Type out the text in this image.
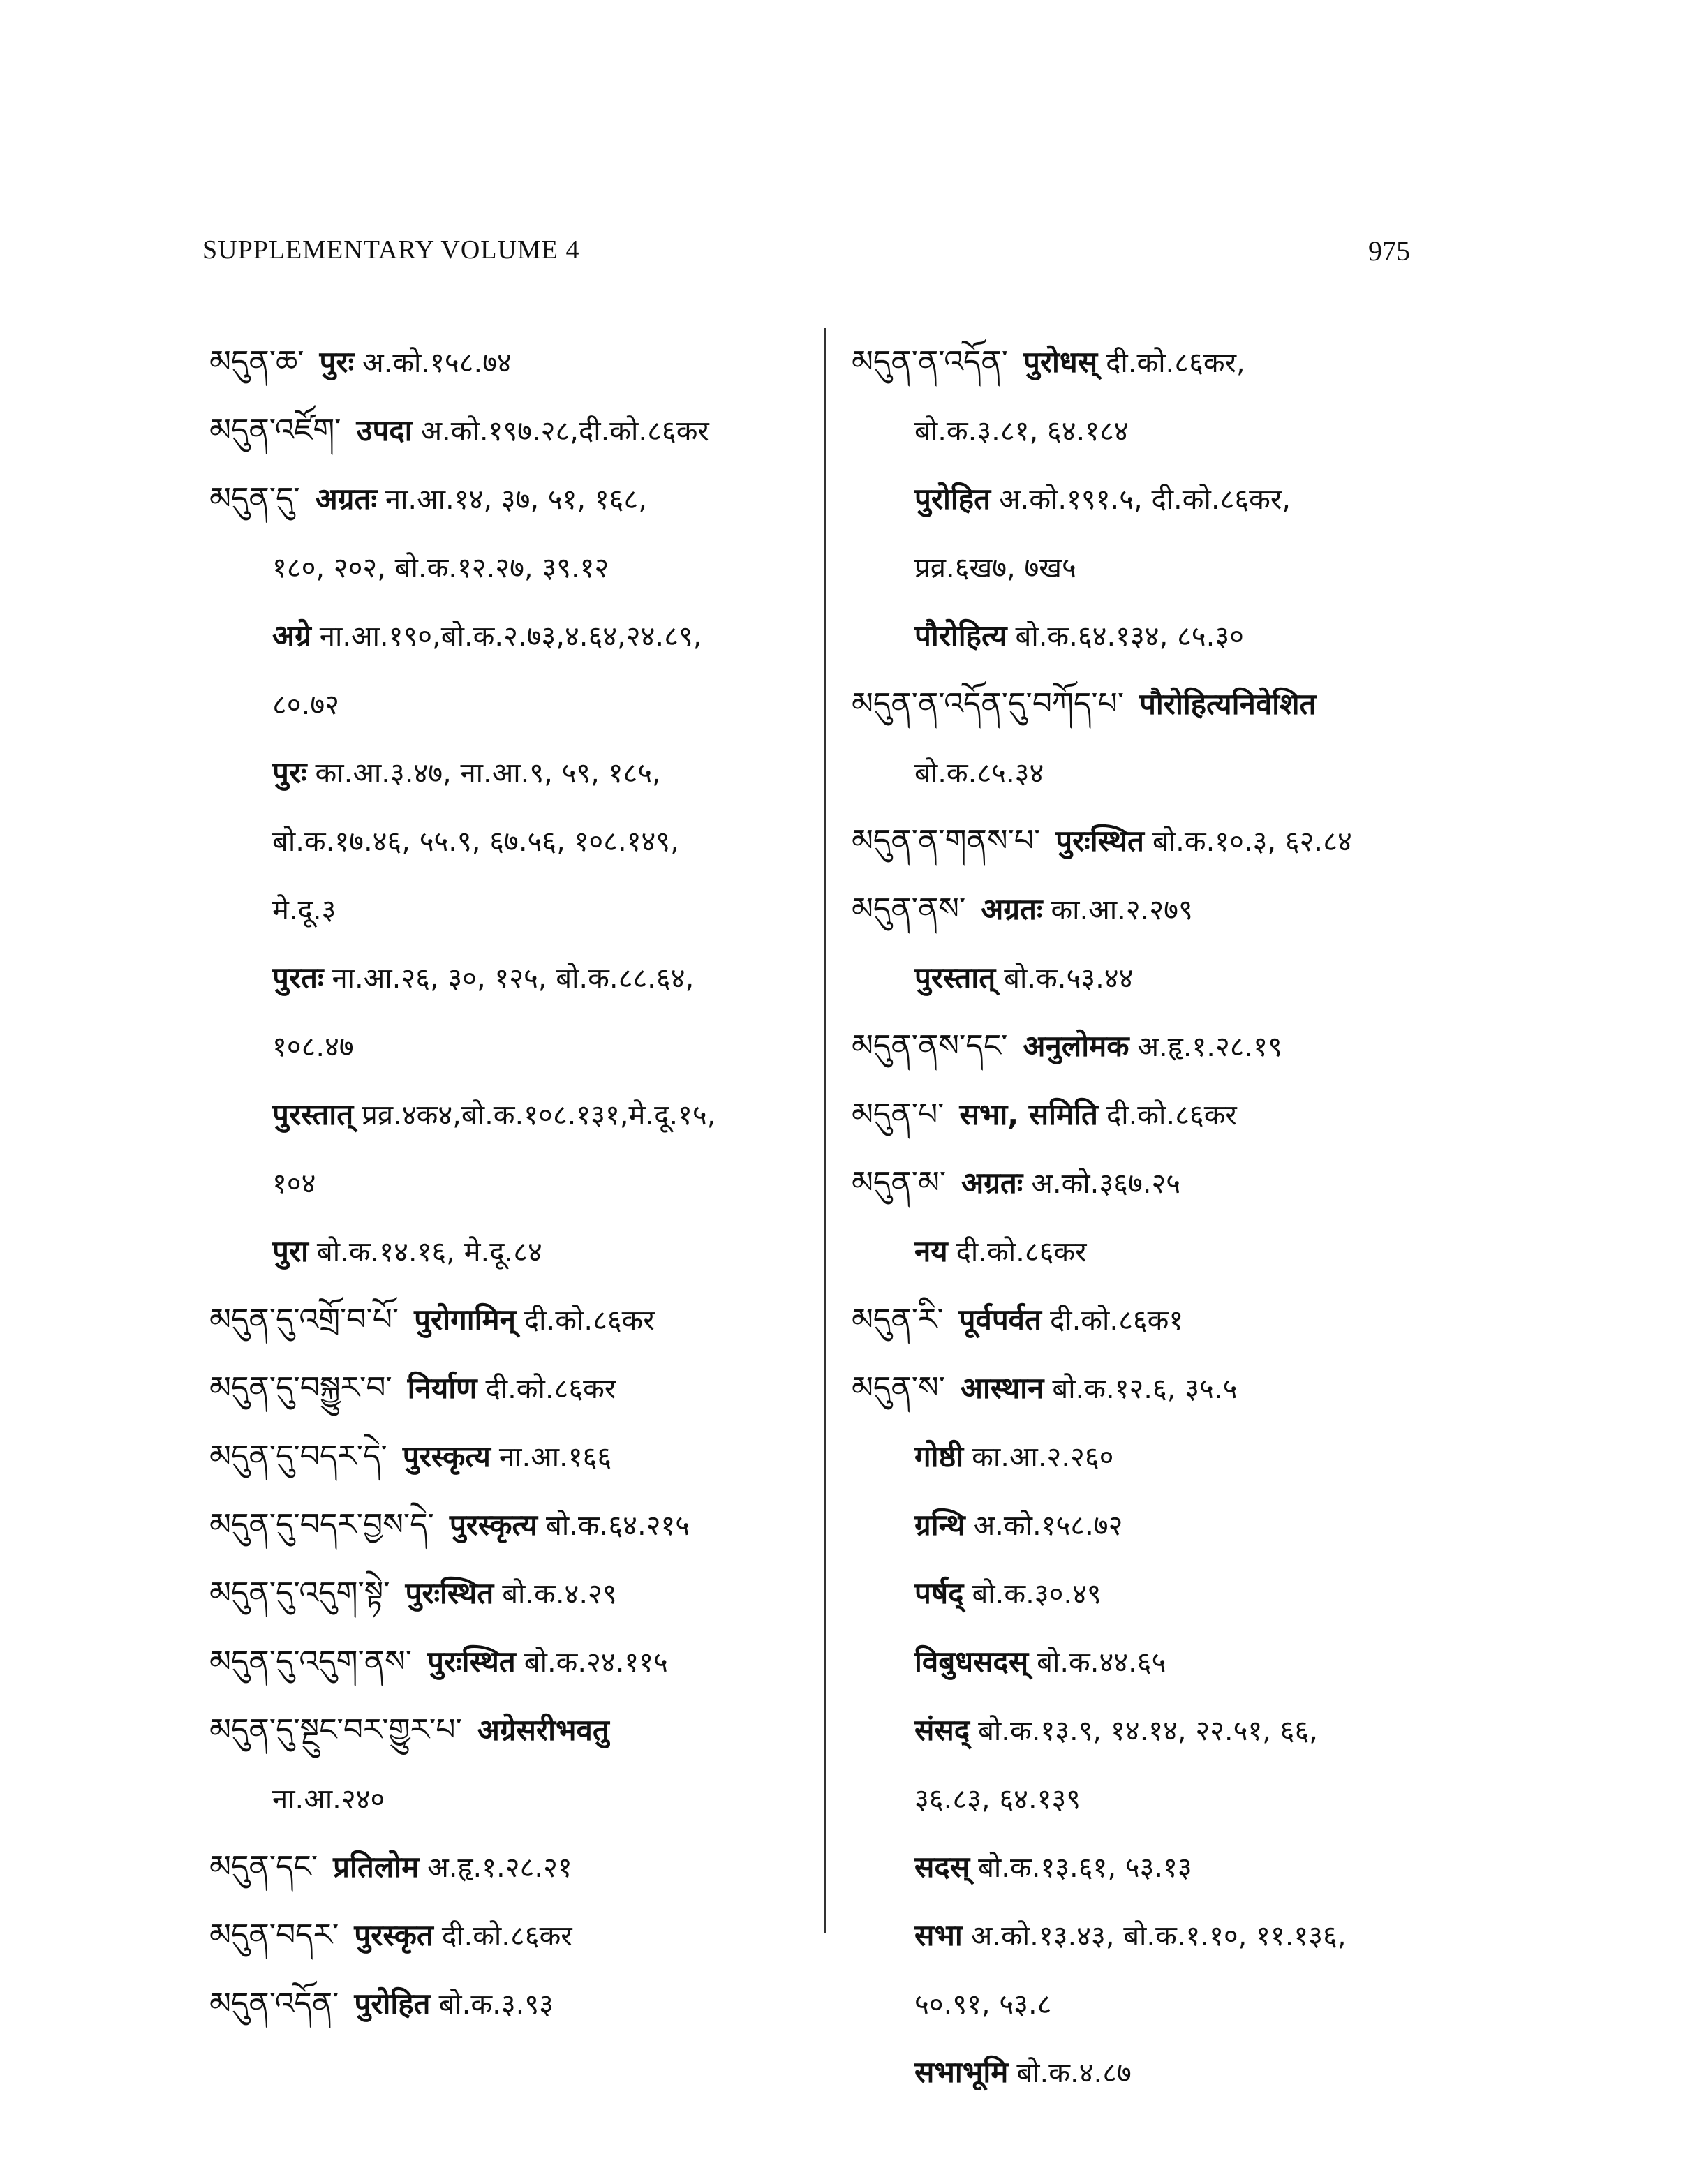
SUPPLEMENTARY VOLUME 4	975
མདུན་ཆ་ पुरः अ.को.१५८.७४
མདུན་འཛོག་ उपदा अ.को.१९७.२८,दी.को.८६कर
མདུན་དུ་ अग्रतः ना.आ.१४, ३७, ५१, १६८,
१८०, २०२, बो.क.१२.२७, ३९.१२
अग्रे ना.आ.१९०,बो.क.२.७३,४.६४,२४.८९,
८०.७२
पुरः का.आ.३.४७, ना.आ.९, ५९, १८५,
बो.क.१७.४६, ५५.९, ६७.५६, १०८.१४९,
मे.दू.३
पुरतः ना.आ.२६, ३०, १२५, बो.क.८८.६४,
१०८.४७
पुरस्तात् प्रव्र.४क४,बो.क.१०८.१३१,मे.दू.१५,
१०४
पुरा बो.क.१४.१६, मे.दू.८४
མདུན་དུ་འགྲོ་བ་པོ་ पुरोगामिन् दी.को.८६कर
མདུན་དུ་བསྐྱུར་བ་ निर्याण दी.को.८६कर
མདུན་དུ་བདར་དེ་ पुरस्कृत्य ना.आ.१६६
མདུན་དུ་བདར་བྱས་དེ་ पुरस्कृत्य बो.क.६४.२१५
མདུན་དུ་འདུག་སྟེ་ पुरःस्थित बो.क.४.२९
མདུན་དུ་འདུག་ནས་ पुरःस्थित बो.क.२४.११५
མདུན་དུ་སྔུང་བར་གྱུར་པ་ अग्रेसरीभवतु
ना.आ.२४०
མདུན་དང་ प्रतिलोम अ.हृ.१.२८.२१
མདུན་བདར་ पुरस्कृत दी.को.८६कर
མདུན་འདོན་ पुरोहित बो.क.३.९३
མདུན་ན་འདོན་ पुरोधस् दी.को.८६कर,
बो.क.३.८१, ६४.१८४
पुरोहित अ.को.१९१.५, दी.को.८६कर,
प्रव्र.६ख७, ७ख५
पौरोहित्य बो.क.६४.१३४, ८५.३०
མདུན་ན་འདོན་དུ་བཀོད་པ་ पौरोहित्यनिवेशित
बो.क.८५.३४
མདུན་ན་གནས་པ་ पुरःस्थित बो.क.१०.३, ६२.८४
མདུན་ནས་ अग्रतः का.आ.२.२७९
पुरस्तात् बो.क.५३.४४
མདུན་ནས་དང་ अनुलोमक अ.हृ.१.२८.१९
མདུན་པ་ सभा, समिति दी.को.८६कर
མདུན་མ་ अग्रतः अ.को.३६७.२५
नय दी.को.८६कर
མདུན་རི་ पूर्वपर्वत दी.को.८६क१
མདུན་ས་ आस्थान बो.क.१२.६, ३५.५
गोष्ठी का.आ.२.२६०
ग्रन्थि अ.को.१५८.७२
पर्षद् बो.क.३०.४९
विबुधसदस् बो.क.४४.६५
संसद् बो.क.१३.९, १४.१४, २२.५१, ६६,
३६.८३, ६४.१३९
सदस् बो.क.१३.६१, ५३.१३
सभा अ.को.१३.४३, बो.क.१.१०, ११.१३६,
५०.९१, ५३.८
सभाभूमि बो.क.४.८७
